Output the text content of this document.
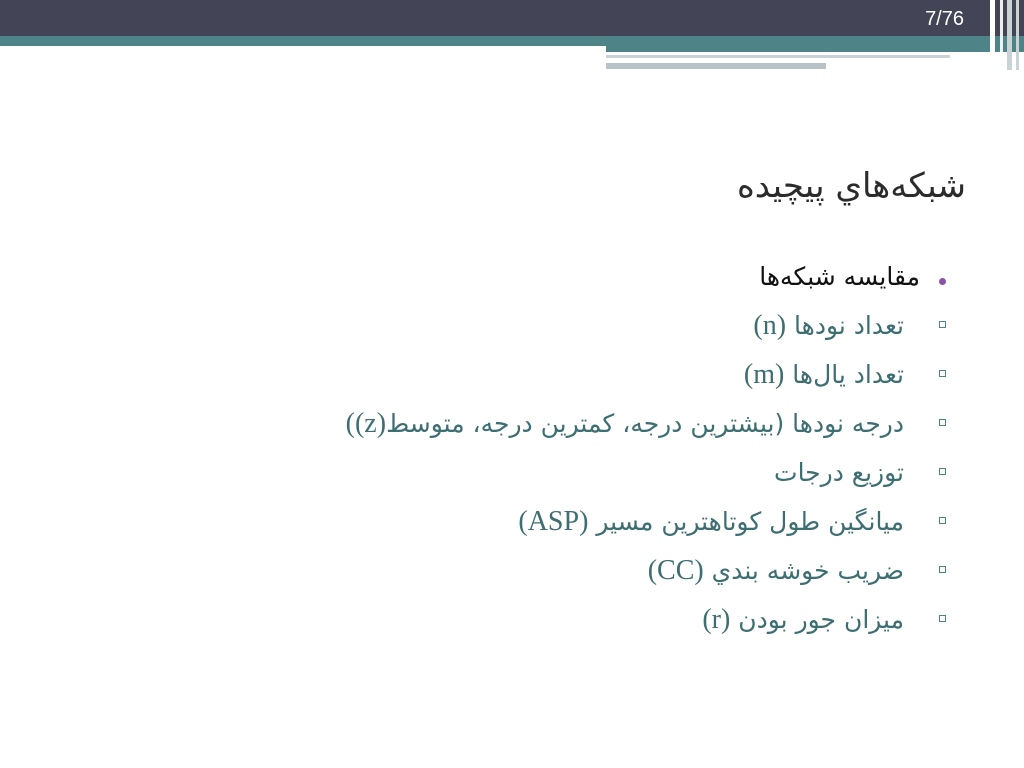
7/76
شبکه‌هاي پيچيده
مقايسه شبکه‌ها
تعداد نودها (n)
تعداد يال‌ها (m)
درجه نودها (بيشترين درجه، کمترين درجه، متوسط(z))
توزيع درجات
ميانگين طول کوتاهترين مسير (ASP)
ضريب خوشه بندي (CC)
ميزان جور بودن (r)
